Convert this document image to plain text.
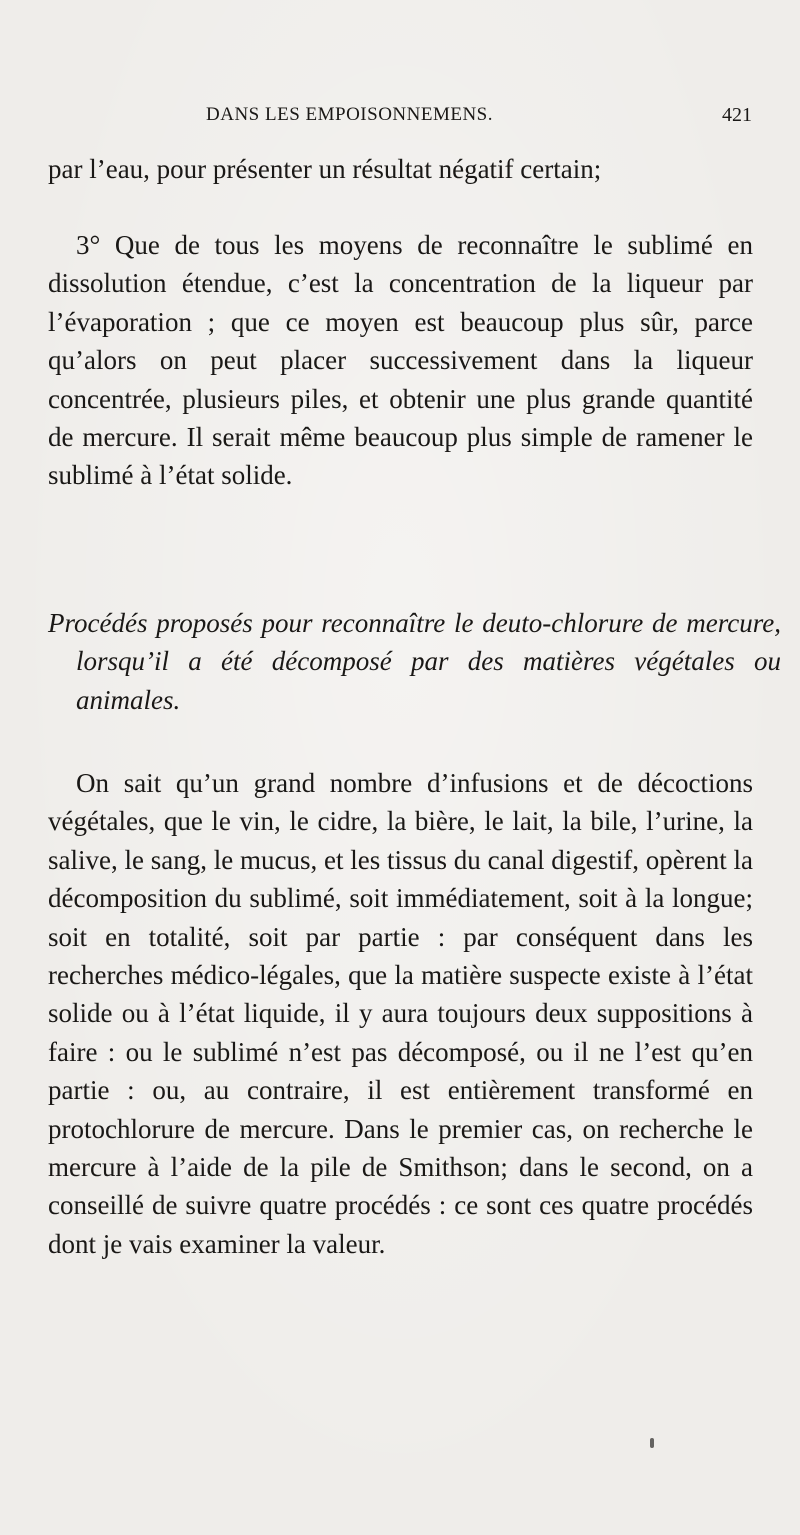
DANS LES EMPOISONNEMENS.	421

par l’eau, pour présenter un résultat négatif certain;

3° Que de tous les moyens de reconnaître le sublimé en dissolution étendue, c’est la concentration de la liqueur par l’évaporation ; que ce moyen est beaucoup plus sûr, parce qu’alors on peut placer successivement dans la liqueur concentrée, plusieurs piles, et obtenir une plus grande quantité de mercure. Il serait même beaucoup plus simple de ramener le sublimé à l’état solide.

Procédés proposés pour reconnaître le deuto-chlorure de mercure, lorsqu’il a été décomposé par des matières végétales ou animales.

On sait qu’un grand nombre d’infusions et de décoctions végétales, que le vin, le cidre, la bière, le lait, la bile, l’urine, la salive, le sang, le mucus, et les tissus du canal digestif, opèrent la décomposition du sublimé, soit immédiatement, soit à la longue; soit en totalité, soit par partie : par conséquent dans les recherches médico-légales, que la matière suspecte existe à l’état solide ou à l’état liquide, il y aura toujours deux suppositions à faire : ou le sublimé n’est pas décomposé, ou il ne l’est qu’en partie : ou, au contraire, il est entièrement transformé en protochlorure de mercure. Dans le premier cas, on recherche le mercure à l’aide de la pile de Smithson; dans le second, on a conseillé de suivre quatre procédés : ce sont ces quatre procédés dont je vais examiner la valeur.
